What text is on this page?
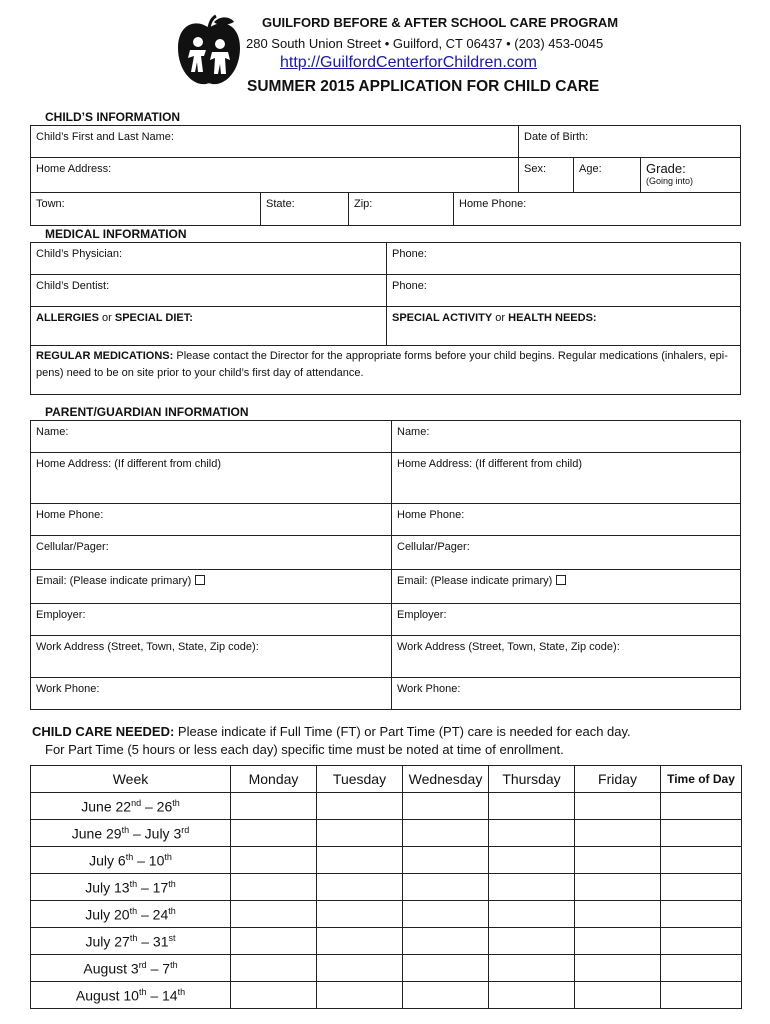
GUILFORD BEFORE & AFTER SCHOOL CARE PROGRAM
280 South Union Street • Guilford, CT 06437 • (203) 453-0045
http://GuilfordCenterforChildren.com
SUMMER 2015 APPLICATION FOR CHILD CARE
CHILD’S INFORMATION
Child’s First and Last Name:	Date of Birth:
Home Address:	Sex:	Age:	Grade:
(Going into)
Town:	State:	Zip:	Home Phone:
MEDICAL INFORMATION
Child’s Physician:	Phone:
Child’s Dentist:	Phone:
ALLERGIES or SPECIAL DIET:	SPECIAL ACTIVITY or HEALTH NEEDS:
REGULAR MEDICATIONS: Please contact the Director for the appropriate forms before your child begins. Regular medications (inhalers, epi-pens) need to be on site prior to your child’s first day of attendance.
PARENT/GUARDIAN INFORMATION
Name:	Name:
Home Address: (If different from child)	Home Address: (If different from child)
Home Phone:	Home Phone:
Cellular/Pager:	Cellular/Pager:
Email: (Please indicate primary)	Email: (Please indicate primary)
Employer:	Employer:
Work Address (Street, Town, State, Zip code):	Work Address (Street, Town, State, Zip code):
Work Phone:	Work Phone:
CHILD CARE NEEDED: Please indicate if Full Time (FT) or Part Time (PT) care is needed for each day.
For Part Time (5 hours or less each day) specific time must be noted at time of enrollment.
Week	Monday	Tuesday	Wednesday	Thursday	Friday	Time of Day
June 22nd – 26th						
June 29th – July 3rd						
July 6th – 10th						
July 13th – 17th						
July 20th – 24th						
July 27th – 31st						
August 3rd – 7th						
August 10th – 14th						
